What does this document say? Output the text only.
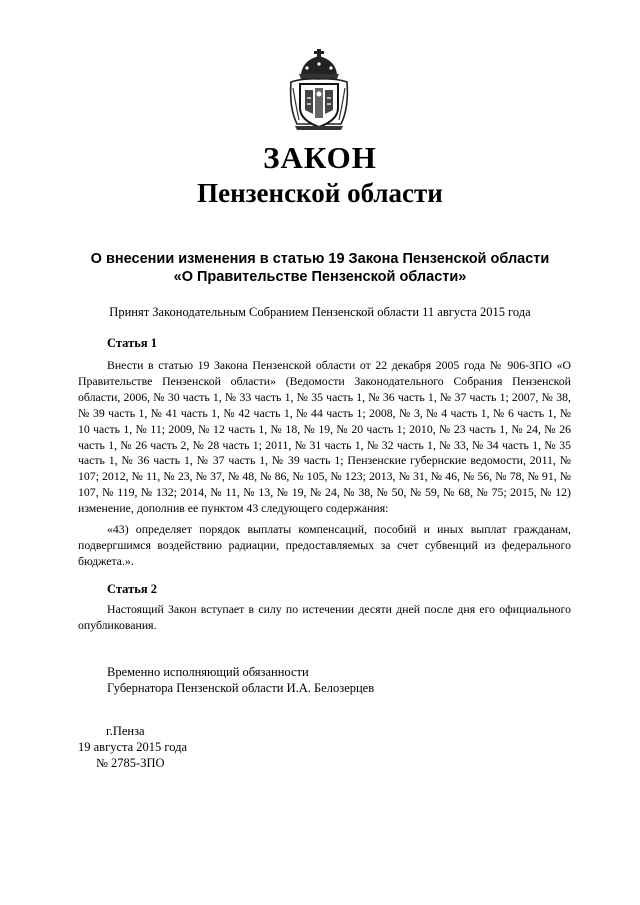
ЗАКОН
Пензенской области

О внесении изменения в статью 19 Закона Пензенской области
«О Правительстве Пензенской области»

Принят Законодательным Собранием Пензенской области 11 августа 2015 года

Статья 1

Внести в статью 19 Закона Пензенской области от 22 декабря 2005 года № 906-ЗПО «О Правительстве Пензенской области» (Ведомости Законодательного Собрания Пензенской области, 2006, № 30 часть 1, № 33 часть 1, № 35 часть 1, № 36 часть 1, № 37 часть 1; 2007, № 38, № 39 часть 1, № 41 часть 1, № 42 часть 1, № 44 часть 1; 2008, № 3, № 4 часть 1, № 6 часть 1, № 10 часть 1, № 11; 2009, № 12 часть 1, № 18, № 19, № 20 часть 1; 2010, № 23 часть 1, № 24, № 26 часть 1, № 26 часть 2, № 28 часть 1; 2011, № 31 часть 1, № 32 часть 1, № 33, № 34 часть 1, № 35 часть 1, № 36 часть 1, № 37 часть 1, № 39 часть 1; Пензенские губернские ведомости, 2011, № 107; 2012, № 11, № 23, № 37, № 48, № 86, № 105, № 123; 2013, № 31, № 46, № 56, № 78, № 91, № 107, № 119, № 132; 2014, № 11, № 13, № 19, № 24, № 38, № 50, № 59, № 68, № 75; 2015, № 12) изменение, дополнив ее пунктом 43 следующего содержания:

«43) определяет порядок выплаты компенсаций, пособий и иных выплат гражданам, подвергшимся воздействию радиации, предоставляемых за счет субвенций из федерального бюджета.».

Статья 2

Настоящий Закон вступает в силу по истечении десяти дней после дня его официального опубликования.

Временно исполняющий обязанности
Губернатора Пензенской области И.А. Белозерцев

г.Пенза
19 августа 2015 года
№ 2785-ЗПО
